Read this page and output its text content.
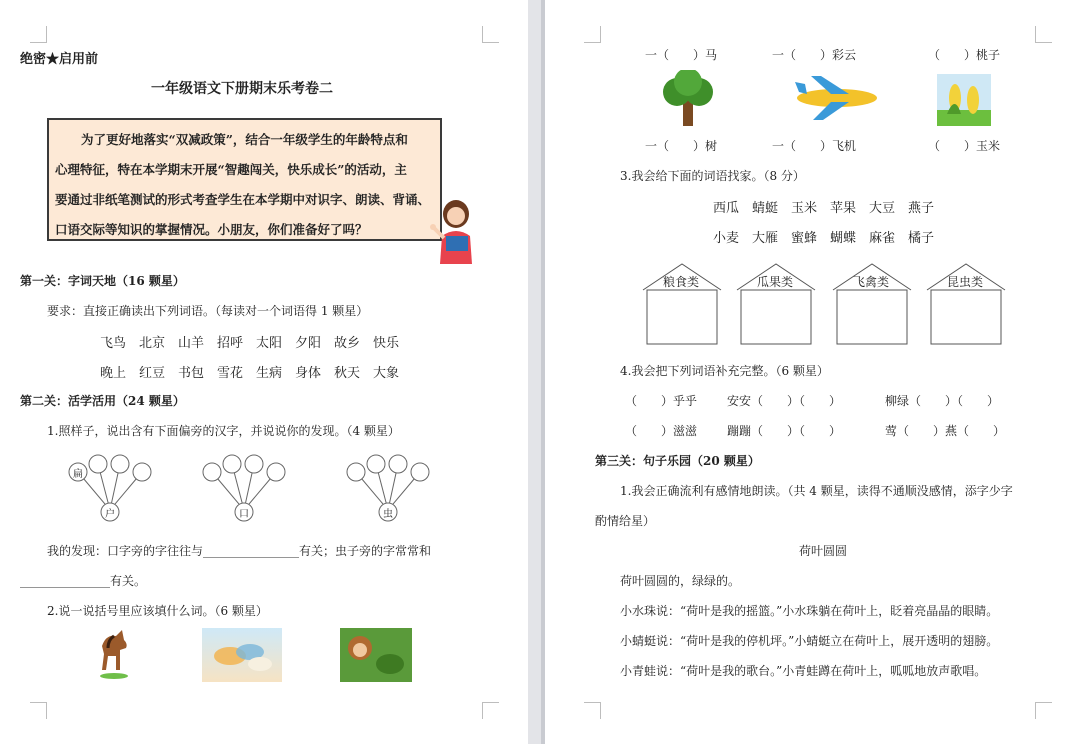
绝密★启用前
一年级语文下册期末乐考卷二
为了更好地落实“双减政策”，结合一年级学生的年龄特点和
心理特征，特在本学期末开展“智趣闯关，快乐成长”的活动，主
要通过非纸笔测试的形式考查学生在本学期中对识字、朗读、背诵、
口语交际等知识的掌握情况。小朋友，你们准备好了吗？
第一关：字词天地（16 颗星）
要求：直接正确读出下列词语。（每读对一个词语得 1 颗星）
飞鸟 北京 山羊 招呼 太阳 夕阳 故乡 快乐
晚上 红豆 书包 雪花 生病 身体 秋天 大象
第二关：活学活用（24 颗星）
1.照样子，说出含有下面偏旁的汉字，并说说你的发现。（4 颗星）
扁
户	口	虫
我的发现：口字旁的字往往与________________有关；虫子旁的字常常和
_______________有关。
2.说一说括号里应该填什么词。（6 颗星）
一（　　）马	一（　　）彩云	（　　）桃子
一（　　）树	一（　　）飞机	（　　）玉米
3.我会给下面的词语找家。（8 分）
西瓜 蜻蜓 玉米 苹果 大豆 燕子
小麦 大雁 蜜蜂 蝴蝶 麻雀 橘子
粮食类	瓜果类	飞禽类	昆虫类
4.我会把下列词语补充完整。（6 颗星）
（　　）乎乎 安安（　　）（　　）	柳绿（　　）（　　）
（　　）滋滋 蹦蹦（　　）（　　）	莺（　　）燕（　　）
第三关：句子乐园（20 颗星）
1.我会正确流利有感情地朗读。（共 4 颗星，读得不通顺没感情，添字少字
酌情给星）
荷叶圆圆
荷叶圆圆的，绿绿的。
小水珠说：“荷叶是我的摇篮。”小水珠躺在荷叶上，眨着亮晶晶的眼睛。
小蜻蜓说：“荷叶是我的停机坪。”小蜻蜓立在荷叶上，展开透明的翅膀。
小青蛙说：“荷叶是我的歌台。”小青蛙蹲在荷叶上，呱呱地放声歌唱。
